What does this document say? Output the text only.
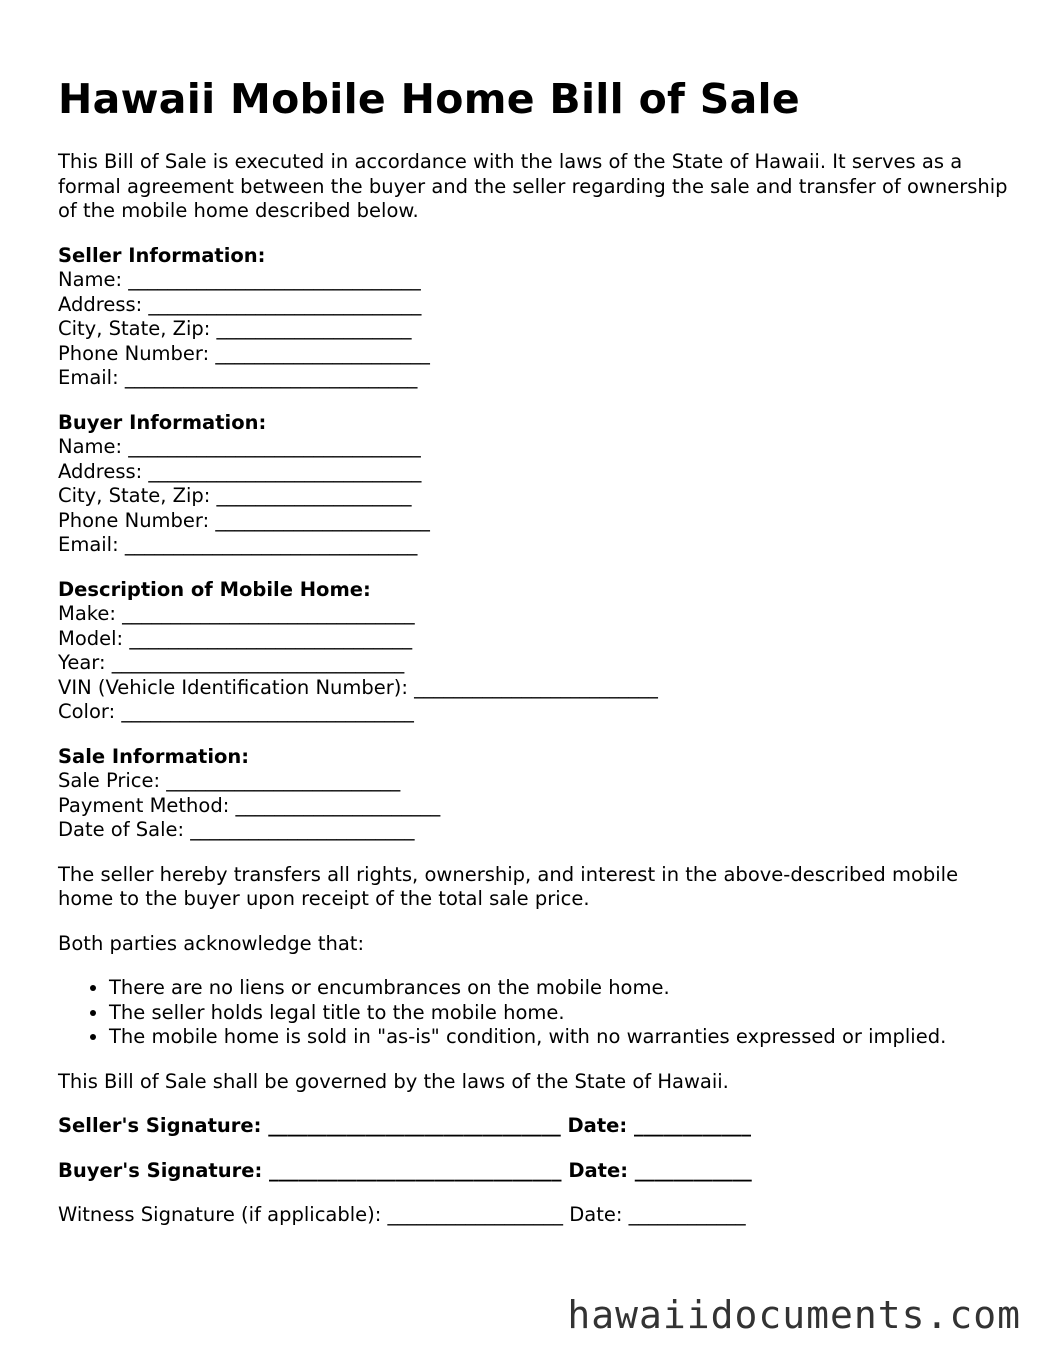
Hawaii Mobile Home Bill of Sale

This Bill of Sale is executed in accordance with the laws of the State of Hawaii. It serves as a formal agreement between the buyer and the seller regarding the sale and transfer of ownership of the mobile home described below.

Seller Information:
Name: ______________________________
Address: ____________________________
City, State, Zip: ____________________
Phone Number: ______________________
Email: ______________________________
Buyer Information:
Name: ______________________________
Address: ____________________________
City, State, Zip: ____________________
Phone Number: ______________________
Email: ______________________________
Description of Mobile Home:
Make: ______________________________
Model: _____________________________
Year: ______________________________
VIN (Vehicle Identification Number): _________________________
Color: ______________________________
Sale Information:
Sale Price: ________________________
Payment Method: _____________________
Date of Sale: _______________________

The seller hereby transfers all rights, ownership, and interest in the above-described mobile home to the buyer upon receipt of the total sale price.

Both parties acknowledge that:

• There are no liens or encumbrances on the mobile home.
• The seller holds legal title to the mobile home.
• The mobile home is sold in "as-is" condition, with no warranties expressed or implied.

This Bill of Sale shall be governed by the laws of the State of Hawaii.

Seller's Signature: ______________________________ Date: ____________
Buyer's Signature: ______________________________ Date: ____________
Witness Signature (if applicable): __________________ Date: ____________
hawaiidocuments.com
